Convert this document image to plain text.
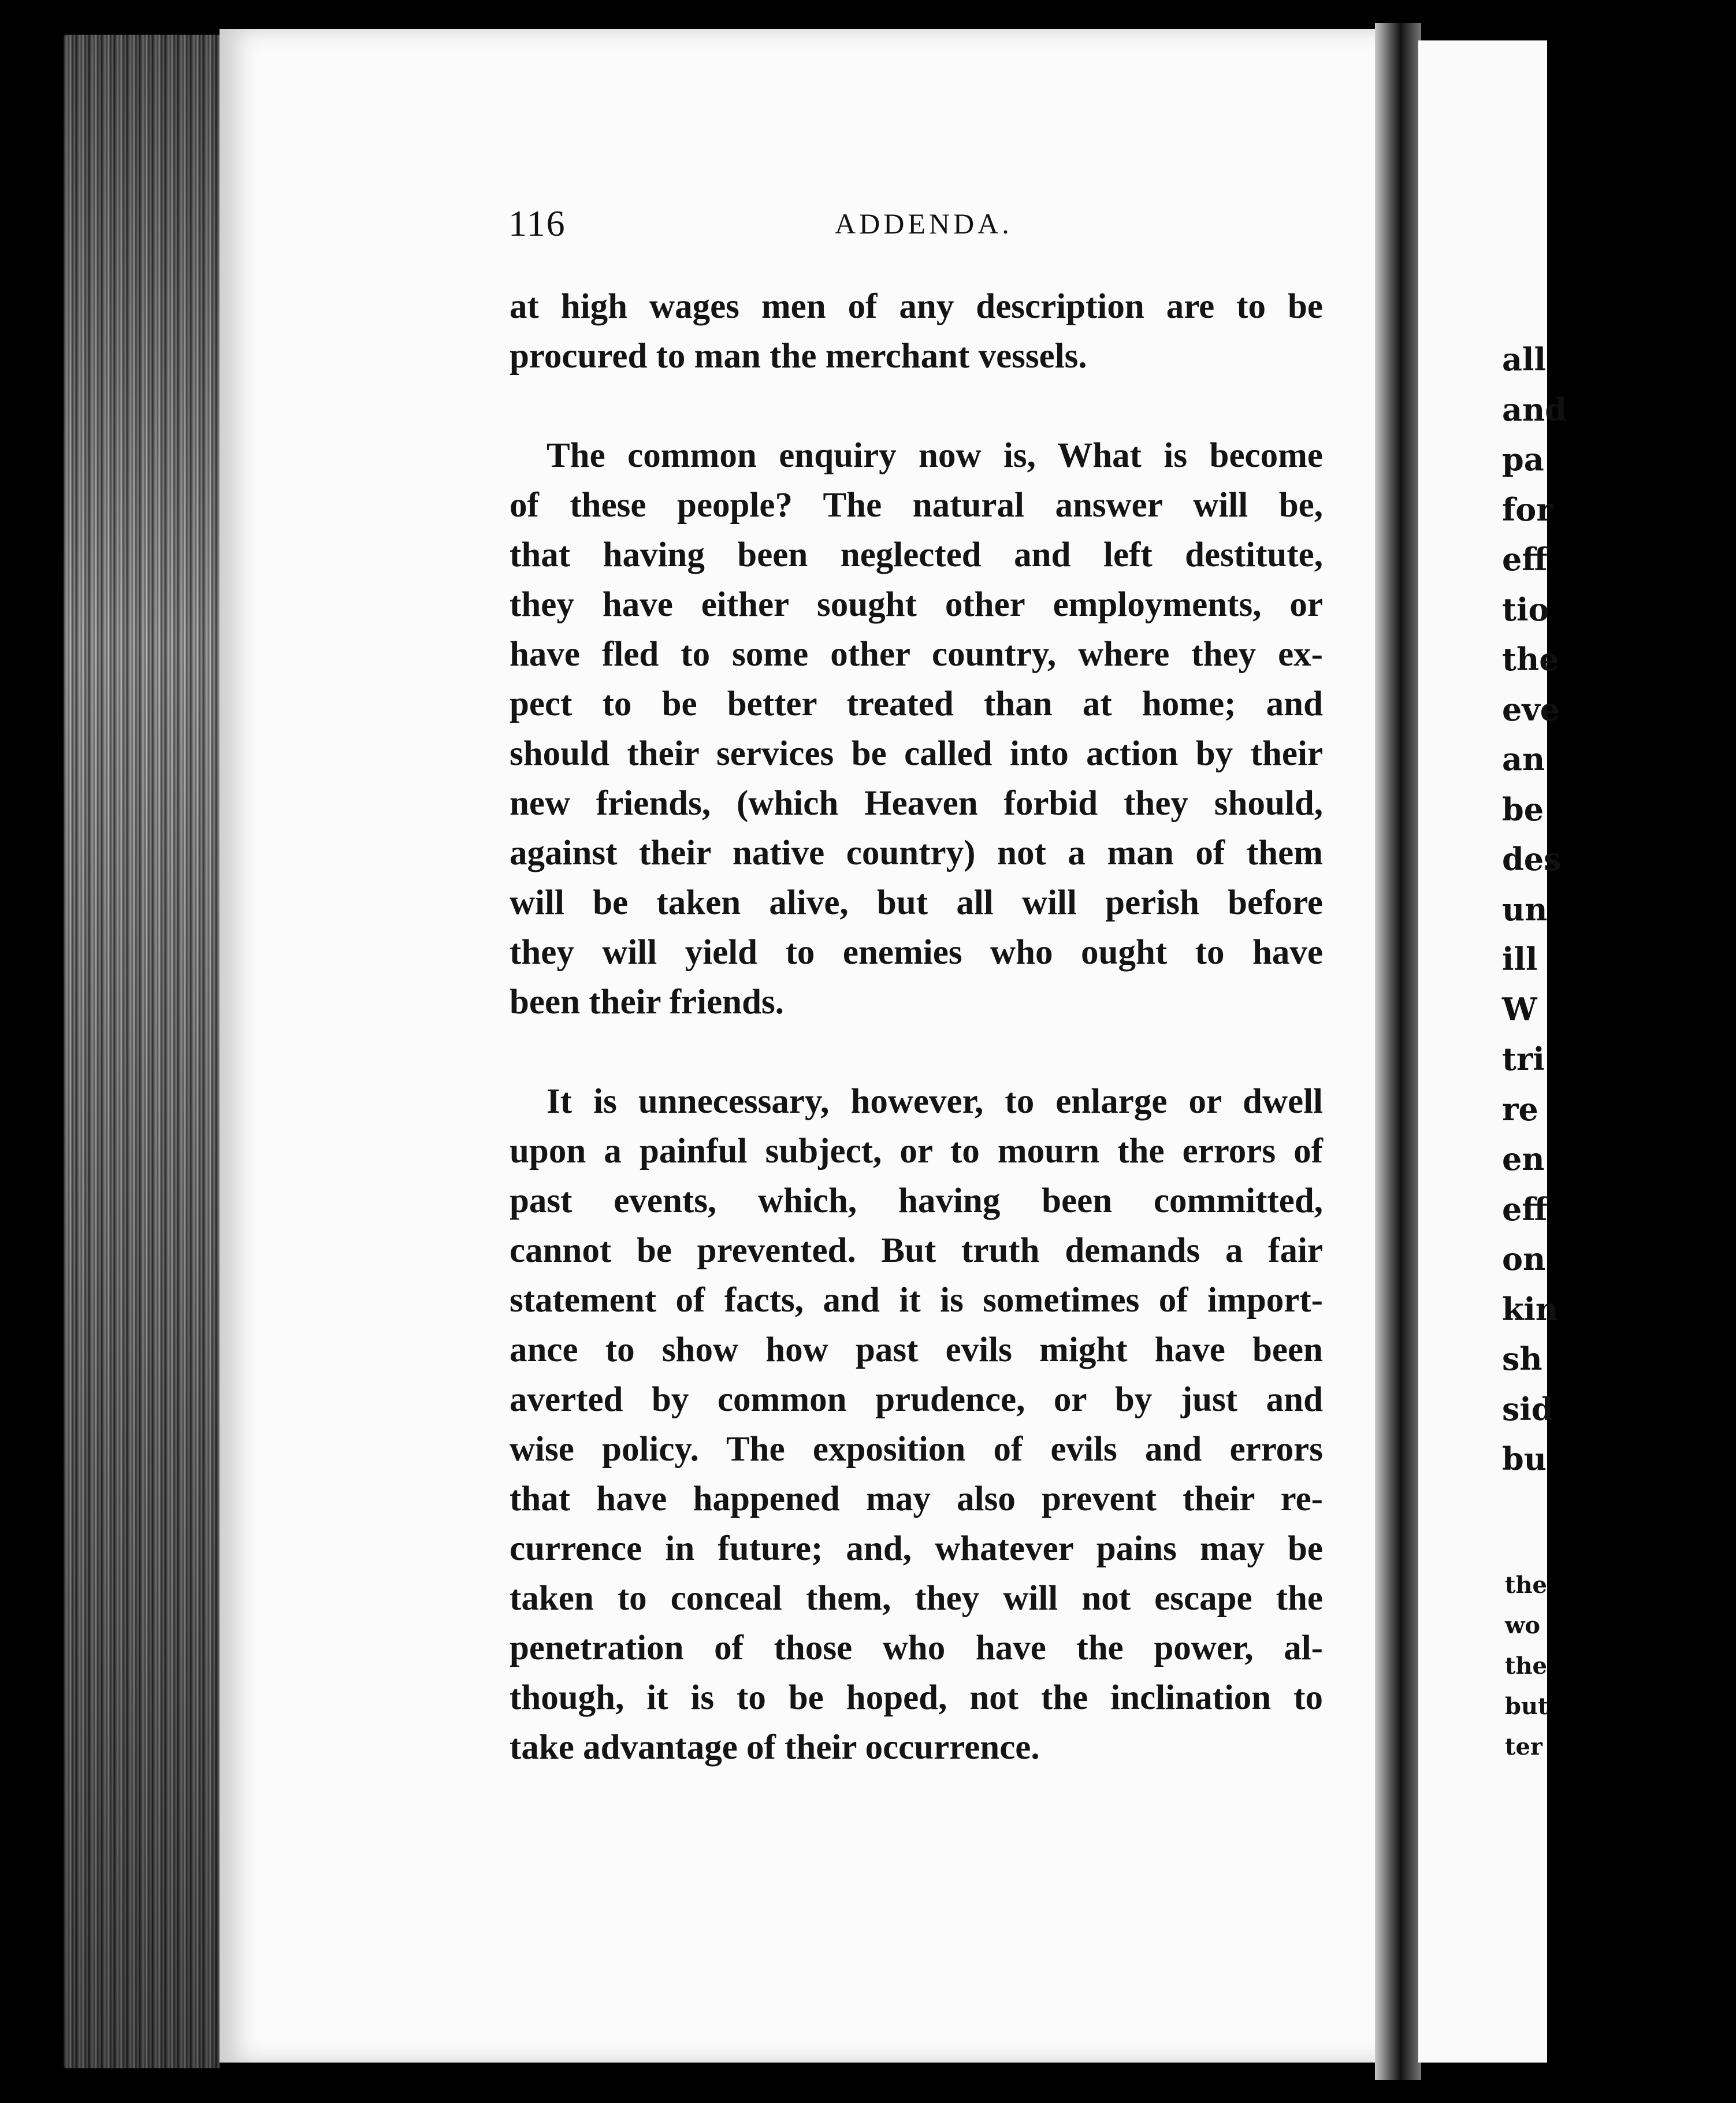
all
and
pa
for
eff
tio
the
eve
an
be
des
un
ill
W
tri
re
en
eff
on
kin
sh
sid
bu
the
wo
the
but
ter
116	ADDENDA.
at high wages men of any description are to be
procured to man the merchant vessels.
The common enquiry now is, What is become
of these people? The natural answer will be,
that having been neglected and left destitute,
they have either sought other employments, or
have fled to some other country, where they ex-
pect to be better treated than at home; and
should their services be called into action by their
new friends, (which Heaven forbid they should,
against their native country) not a man of them
will be taken alive, but all will perish before
they will yield to enemies who ought to have
been their friends.
It is unnecessary, however, to enlarge or dwell
upon a painful subject, or to mourn the errors of
past events, which, having been committed,
cannot be prevented. But truth demands a fair
statement of facts, and it is sometimes of import-
ance to show how past evils might have been
averted by common prudence, or by just and
wise policy. The exposition of evils and errors
that have happened may also prevent their re-
currence in future; and, whatever pains may be
taken to conceal them, they will not escape the
penetration of those who have the power, al-
though, it is to be hoped, not the inclination to
take advantage of their occurrence.
